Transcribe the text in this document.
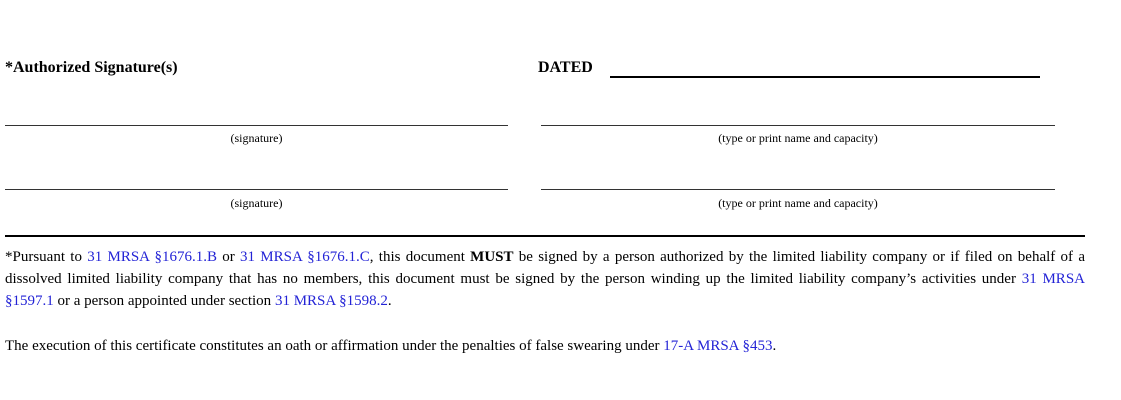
*Authorized Signature(s)	DATED
(signature)	(type or print name and capacity)
(signature)	(type or print name and capacity)
*Pursuant to 31 MRSA §1676.1.B or 31 MRSA §1676.1.C, this document MUST be signed by a person authorized by the limited liability company or if filed on behalf of a dissolved limited liability company that has no members, this document must be signed by the person winding up the limited liability company’s activities under 31 MRSA §1597.1 or a person appointed under section 31 MRSA §1598.2.
The execution of this certificate constitutes an oath or affirmation under the penalties of false swearing under 17-A MRSA §453.
